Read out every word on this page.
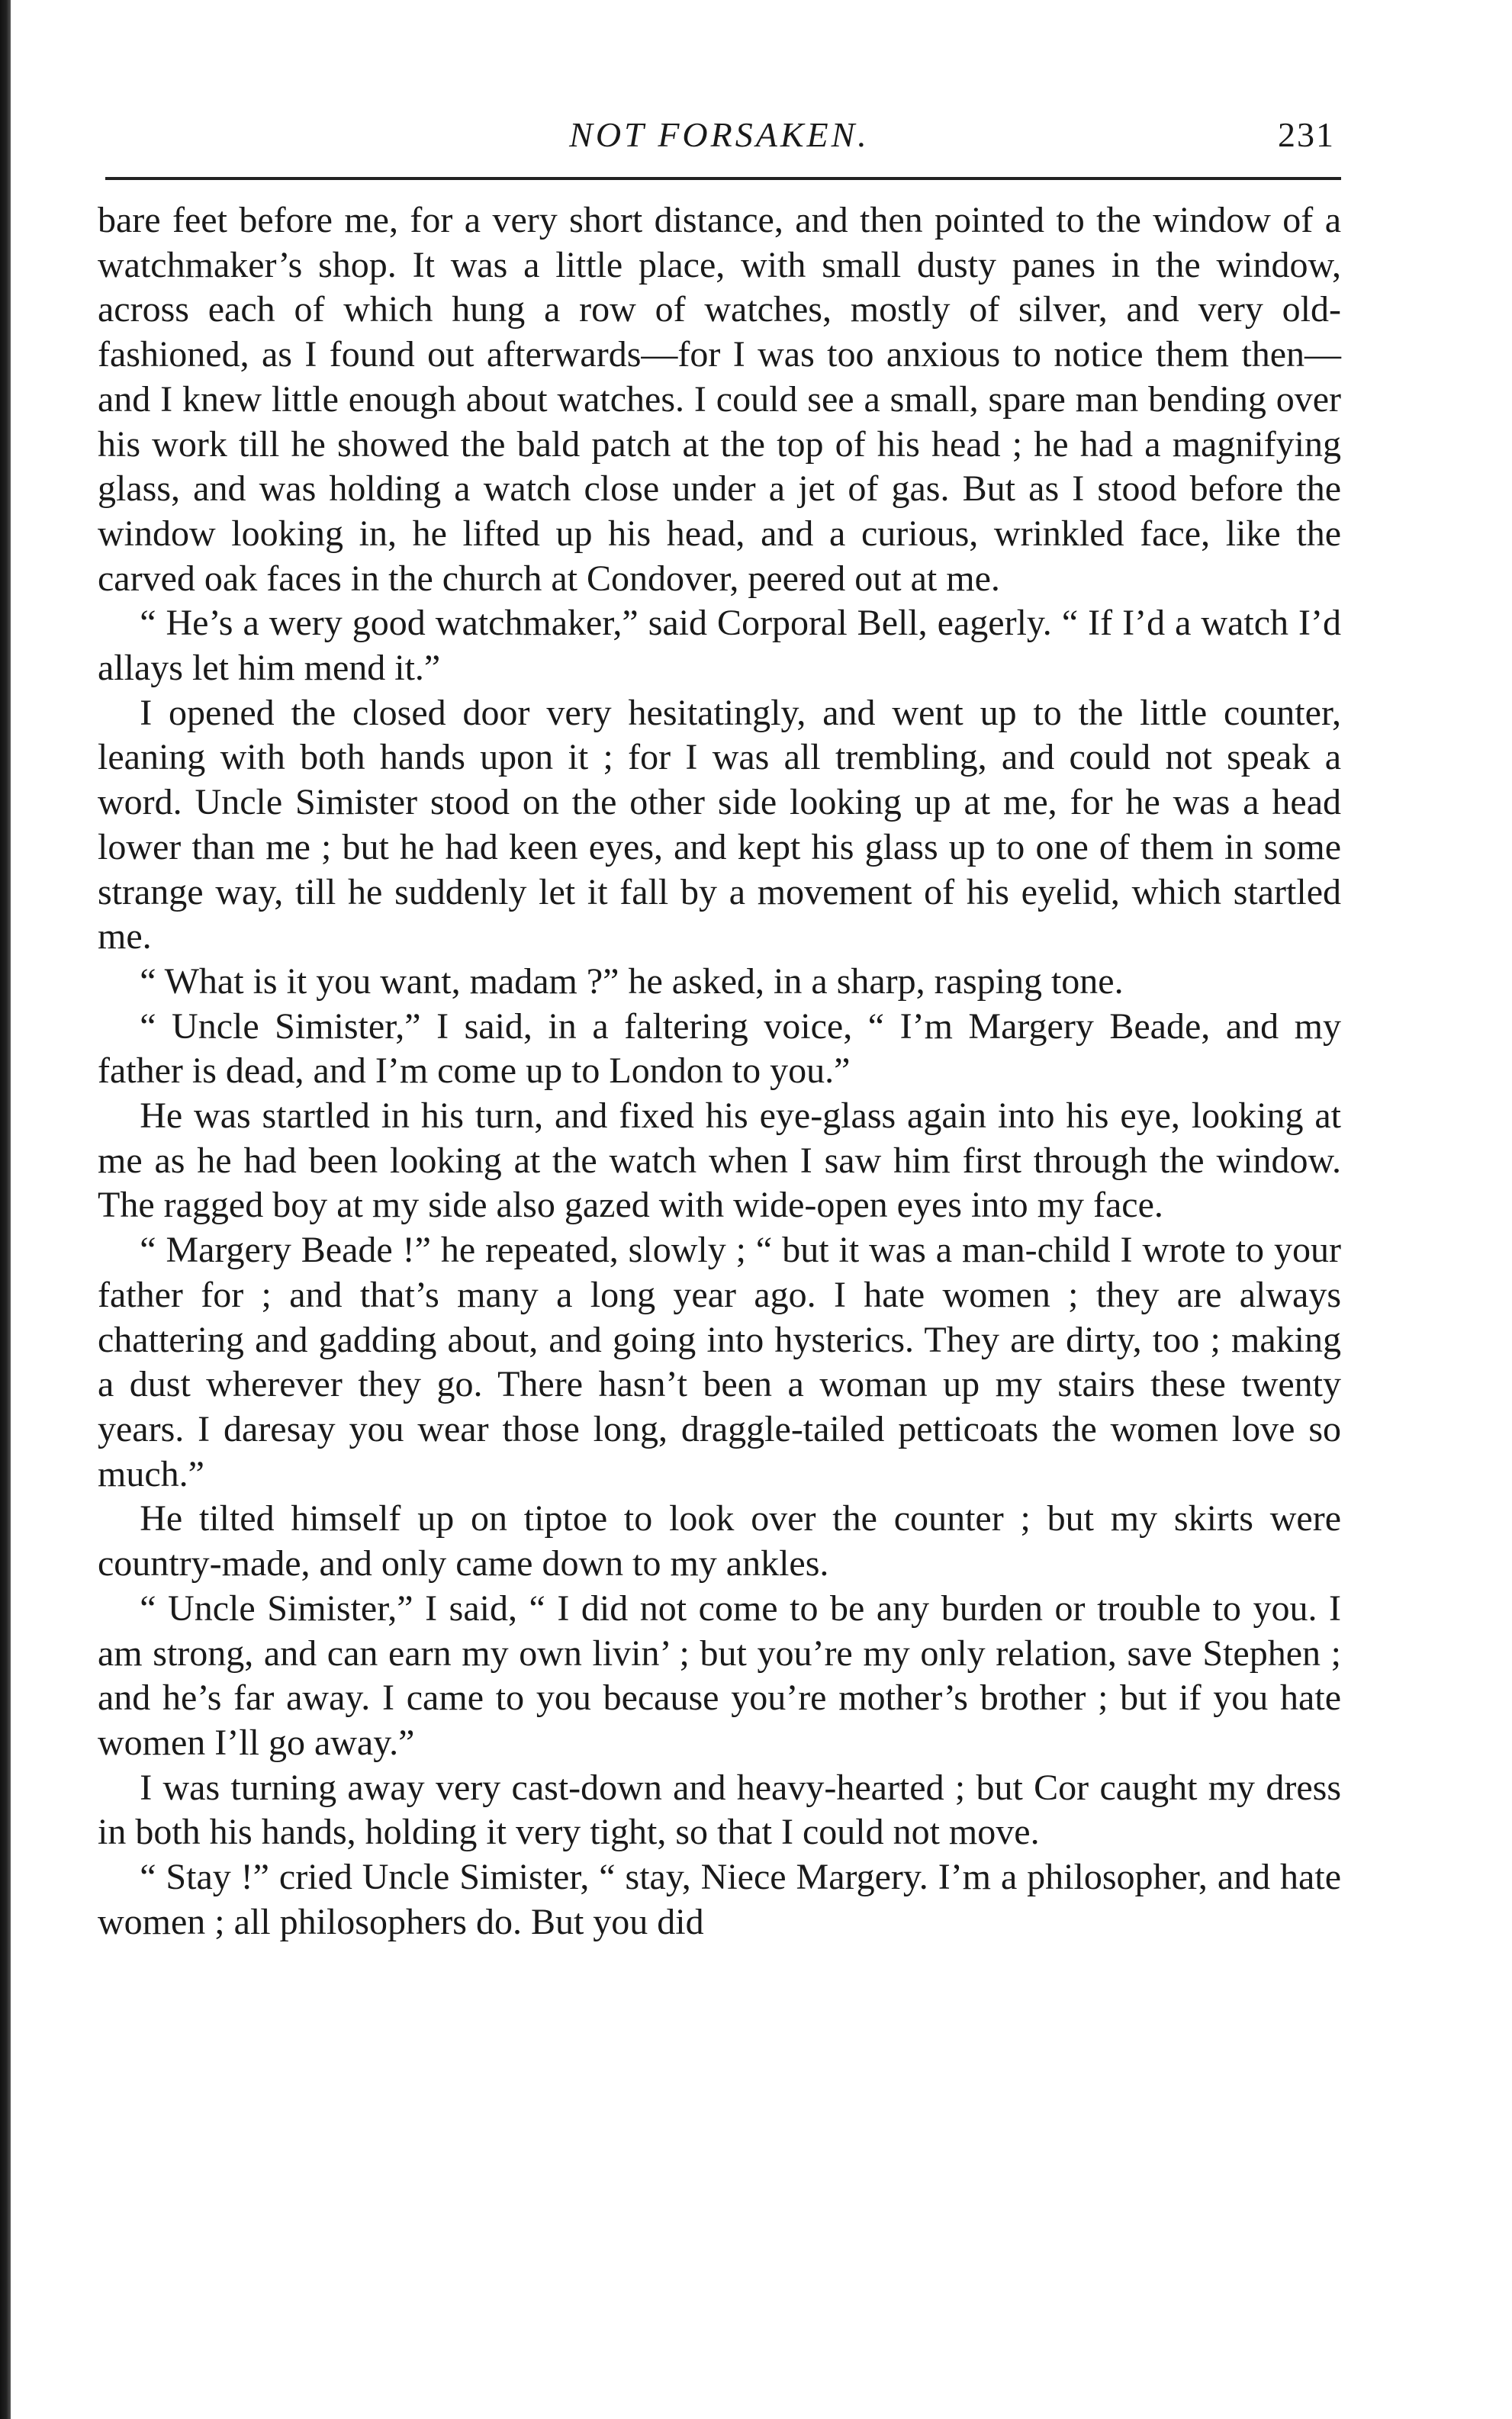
NOT FORSAKEN.	231

bare feet before me, for a very short distance, and then pointed to the window of a watchmaker’s shop. It was a little place, with small dusty panes in the window, across each of which hung a row of watches, mostly of silver, and very old-fashioned, as I found out afterwards—for I was too anxious to notice them then—and I knew little enough about watches. I could see a small, spare man bending over his work till he showed the bald patch at the top of his head ; he had a magnifying glass, and was holding a watch close under a jet of gas. But as I stood before the window looking in, he lifted up his head, and a curious, wrinkled face, like the carved oak faces in the church at Condover, peered out at me.

“ He’s a wery good watchmaker,” said Corporal Bell, eagerly. “ If I’d a watch I’d allays let him mend it.”

I opened the closed door very hesitatingly, and went up to the little counter, leaning with both hands upon it ; for I was all trembling, and could not speak a word. Uncle Simister stood on the other side looking up at me, for he was a head lower than me ; but he had keen eyes, and kept his glass up to one of them in some strange way, till he suddenly let it fall by a movement of his eyelid, which startled me.

“ What is it you want, madam ?” he asked, in a sharp, rasping tone.

“ Uncle Simister,” I said, in a faltering voice, “ I’m Margery Beade, and my father is dead, and I’m come up to London to you.”

He was startled in his turn, and fixed his eye-glass again into his eye, looking at me as he had been looking at the watch when I saw him first through the window. The ragged boy at my side also gazed with wide-open eyes into my face.

“ Margery Beade !” he repeated, slowly ; “ but it was a man-child I wrote to your father for ; and that’s many a long year ago. I hate women ; they are always chattering and gadding about, and going into hysterics. They are dirty, too ; making a dust wherever they go. There hasn’t been a woman up my stairs these twenty years. I daresay you wear those long, draggle-tailed petticoats the women love so much.”

He tilted himself up on tiptoe to look over the counter ; but my skirts were country-made, and only came down to my ankles.

“ Uncle Simister,” I said, “ I did not come to be any burden or trouble to you. I am strong, and can earn my own livin’ ; but you’re my only relation, save Stephen ; and he’s far away. I came to you because you’re mother’s brother ; but if you hate women I’ll go away.”

I was turning away very cast-down and heavy-hearted ; but Cor caught my dress in both his hands, holding it very tight, so that I could not move.

“ Stay !” cried Uncle Simister, “ stay, Niece Margery. I’m a philosopher, and hate women ; all philosophers do. But you did
